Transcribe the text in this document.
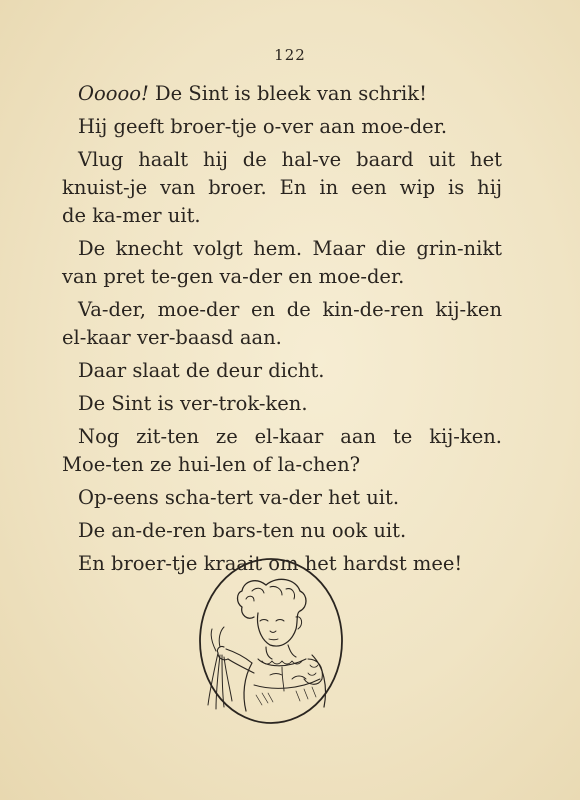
122

Ooooo! De Sint is bleek van schrik!

Hij geeft broer-tje o-ver aan moe-der.

Vlug haalt hij de hal-ve baard uit het
knuist-je van broer. En in een wip is hij
de ka-mer uit.

De knecht volgt hem. Maar die grin-nikt
van pret te-gen va-der en moe-der.

Va-der, moe-der en de kin-de-ren kij-ken
el-kaar ver-baasd aan.

Daar slaat de deur dicht.

De Sint is ver-trok-ken.

Nog zit-ten ze el-kaar aan te kij-ken.
Moe-ten ze hui-len of la-chen?

Op-eens scha-tert va-der het uit.

De an-de-ren bars-ten nu ook uit.

En broer-tje kraait om het hardst mee!
